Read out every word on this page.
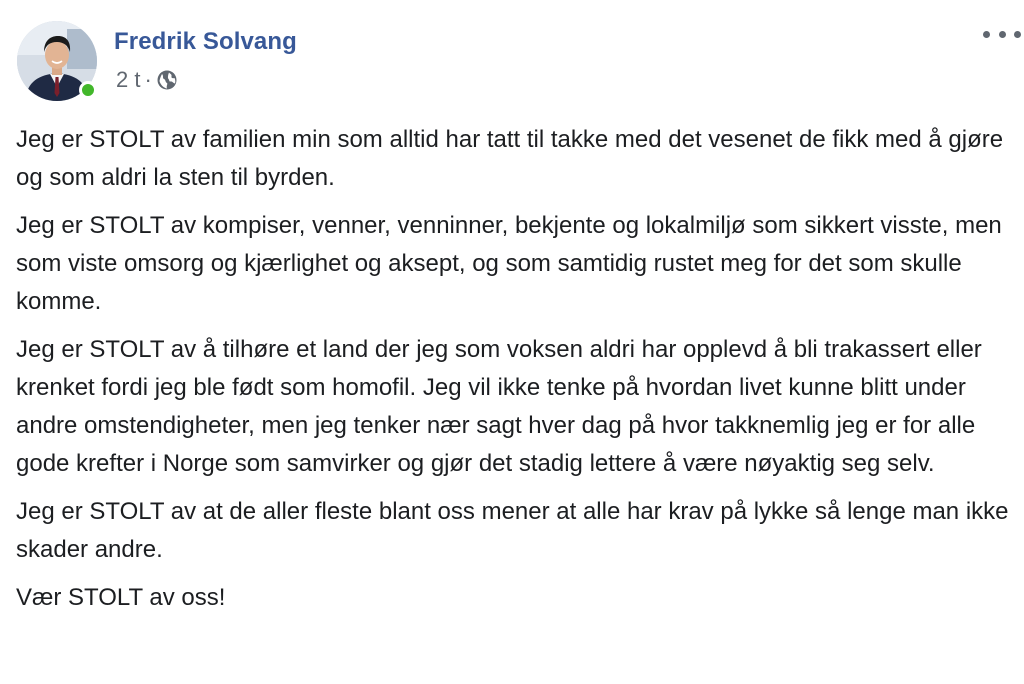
Fredrik Solvang
2 t ·

Jeg er STOLT av familien min som alltid har tatt til takke med det vesenet de fikk med å gjøre og som aldri la sten til byrden.

Jeg er STOLT av kompiser, venner, venninner, bekjente og lokalmiljø som sikkert visste, men som viste omsorg og kjærlighet og aksept, og som samtidig rustet meg for det som skulle komme.

Jeg er STOLT av å tilhøre et land der jeg som voksen aldri har opplevd å bli trakassert eller krenket fordi jeg ble født som homofil. Jeg vil ikke tenke på hvordan livet kunne blitt under andre omstendigheter, men jeg tenker nær sagt hver dag på hvor takknemlig jeg er for alle gode krefter i Norge som samvirker og gjør det stadig lettere å være nøyaktig seg selv.

Jeg er STOLT av at de aller fleste blant oss mener at alle har krav på lykke så lenge man ikke skader andre.

Vær STOLT av oss!
